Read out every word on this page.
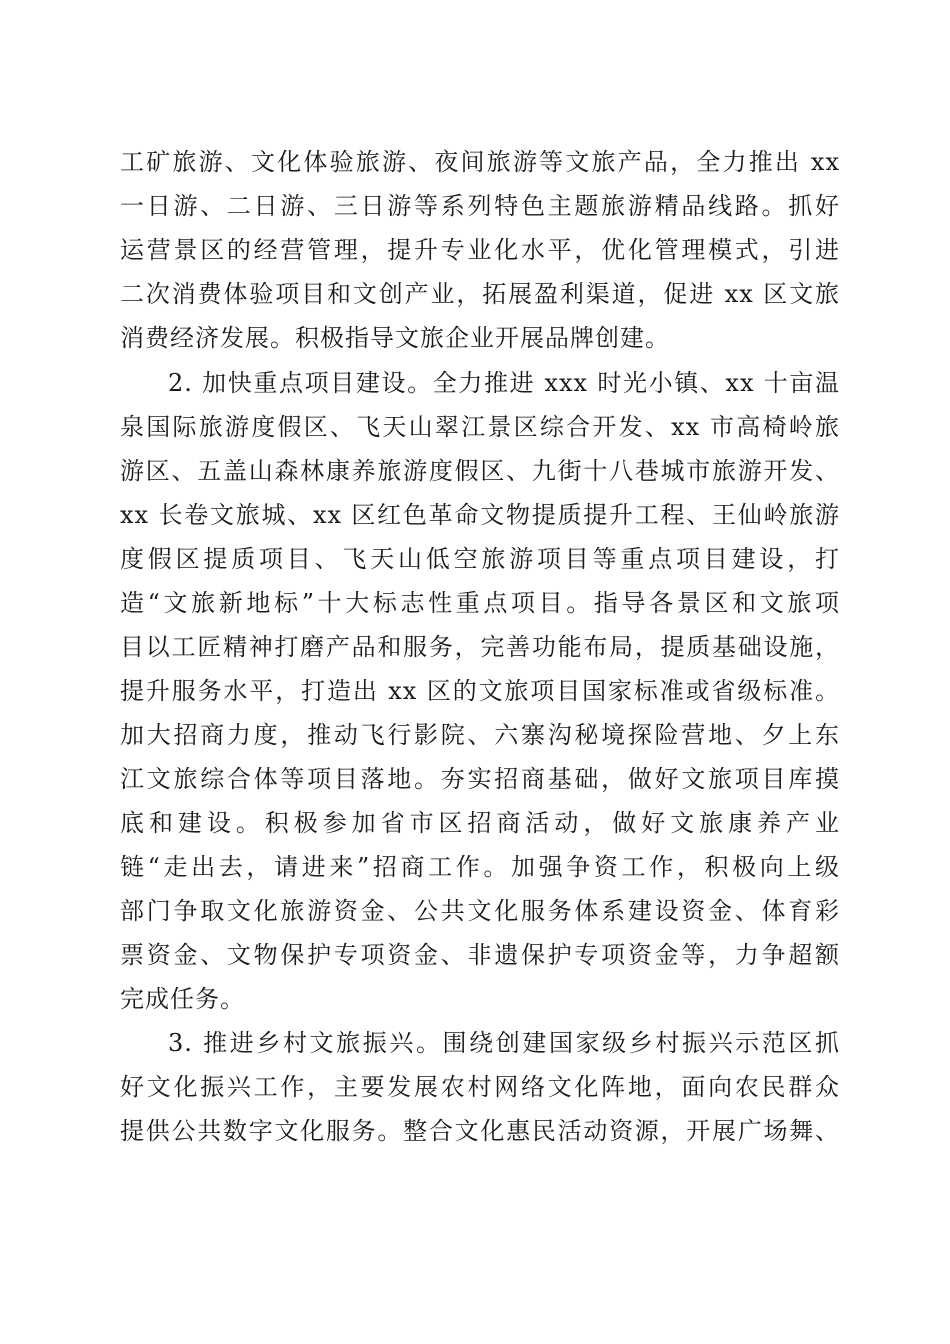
工矿旅游、文化体验旅游、夜间旅游等文旅产品，全力推出 xx
一日游、二日游、三日游等系列特色主题旅游精品线路。抓好
运营景区的经营管理，提升专业化水平，优化管理模式，引进
二次消费体验项目和文创产业，拓展盈利渠道，促进 xx 区文旅
消费经济发展。积极指导文旅企业开展品牌创建。
2. 加快重点项目建设。全力推进 xxx 时光小镇、xx 十亩温
泉国际旅游度假区、飞天山翠江景区综合开发、xx 市高椅岭旅
游区、五盖山森林康养旅游度假区、九街十八巷城市旅游开发、
xx 长卷文旅城、xx 区红色革命文物提质提升工程、王仙岭旅游
度假区提质项目、飞天山低空旅游项目等重点项目建设，打
造“文旅新地标”十大标志性重点项目。指导各景区和文旅项
目以工匠精神打磨产品和服务，完善功能布局，提质基础设施，
提升服务水平，打造出 xx 区的文旅项目国家标准或省级标准。
加大招商力度，推动飞行影院、六寨沟秘境探险营地、夕上东
江文旅综合体等项目落地。夯实招商基础，做好文旅项目库摸
底和建设。积极参加省市区招商活动，做好文旅康养产业
链“走出去，请进来”招商工作。加强争资工作，积极向上级
部门争取文化旅游资金、公共文化服务体系建设资金、体育彩
票资金、文物保护专项资金、非遗保护专项资金等，力争超额
完成任务。
3. 推进乡村文旅振兴。围绕创建国家级乡村振兴示范区抓
好文化振兴工作，主要发展农村网络文化阵地，面向农民群众
提供公共数字文化服务。整合文化惠民活动资源，开展广场舞、
